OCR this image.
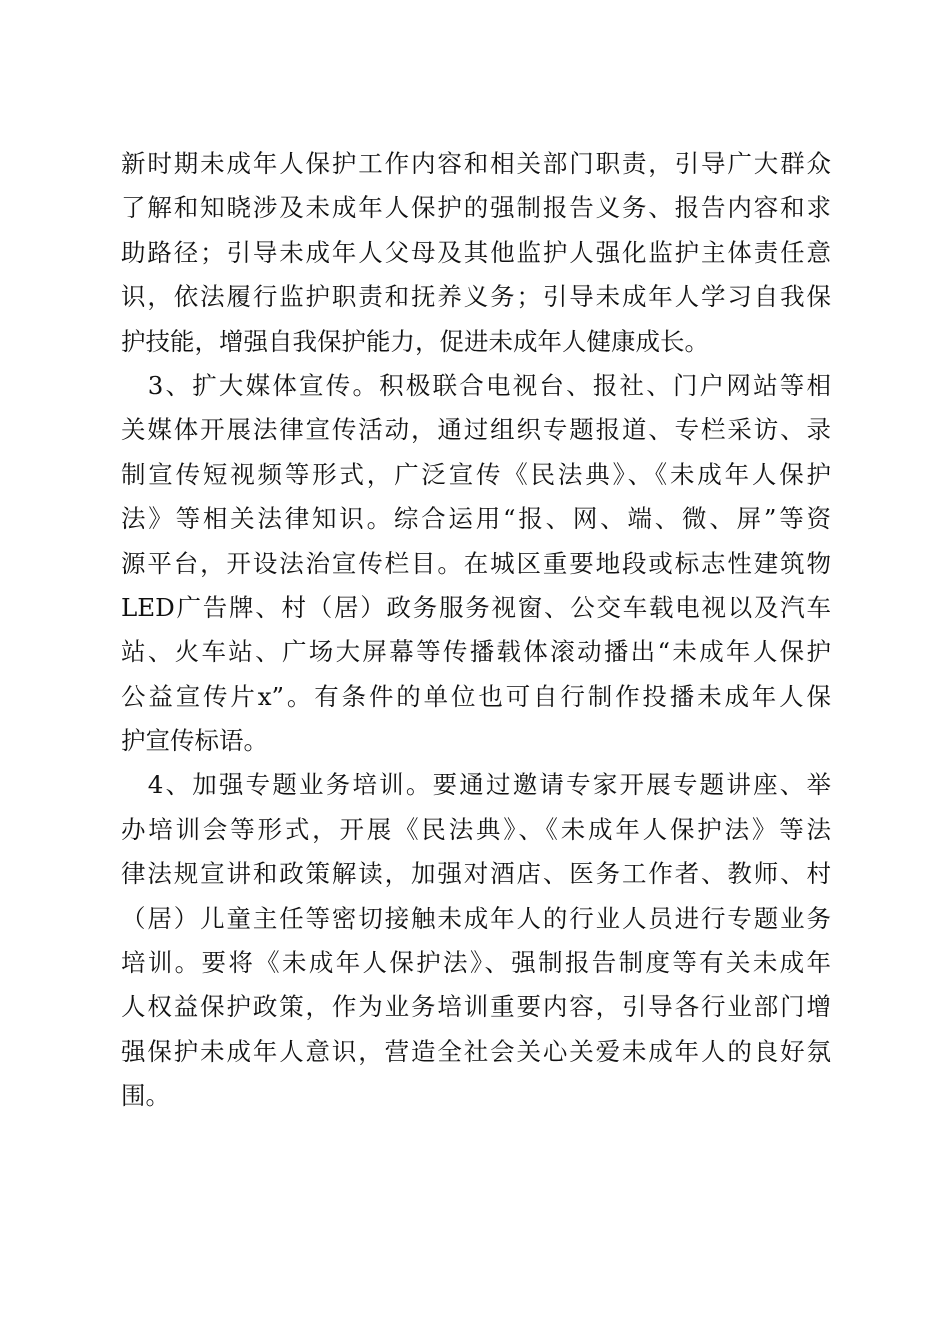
新时期未成年人保护工作内容和相关部门职责，引导广大群众
了解和知晓涉及未成年人保护的强制报告义务、报告内容和求
助路径；引导未成年人父母及其他监护人强化监护主体责任意
识，依法履行监护职责和抚养义务；引导未成年人学习自我保
护技能，增强自我保护能力，促进未成年人健康成长。
　3、扩大媒体宣传。积极联合电视台、报社、门户网站等相
关媒体开展法律宣传活动，通过组织专题报道、专栏采访、录
制宣传短视频等形式，广泛宣传《民法典》、《未成年人保护
法》等相关法律知识。综合运用“报、网、端、微、屏”等资
源平台，开设法治宣传栏目。在城区重要地段或标志性建筑物
LED广告牌、村（居）政务服务视窗、公交车载电视以及汽车
站、火车站、广场大屏幕等传播载体滚动播出“未成年人保护
公益宣传片x”。有条件的单位也可自行制作投播未成年人保
护宣传标语。
　4、加强专题业务培训。要通过邀请专家开展专题讲座、举
办培训会等形式，开展《民法典》、《未成年人保护法》等法
律法规宣讲和政策解读，加强对酒店、医务工作者、教师、村
（居）儿童主任等密切接触未成年人的行业人员进行专题业务
培训。要将《未成年人保护法》、强制报告制度等有关未成年
人权益保护政策，作为业务培训重要内容，引导各行业部门增
强保护未成年人意识，营造全社会关心关爱未成年人的良好氛
围。
